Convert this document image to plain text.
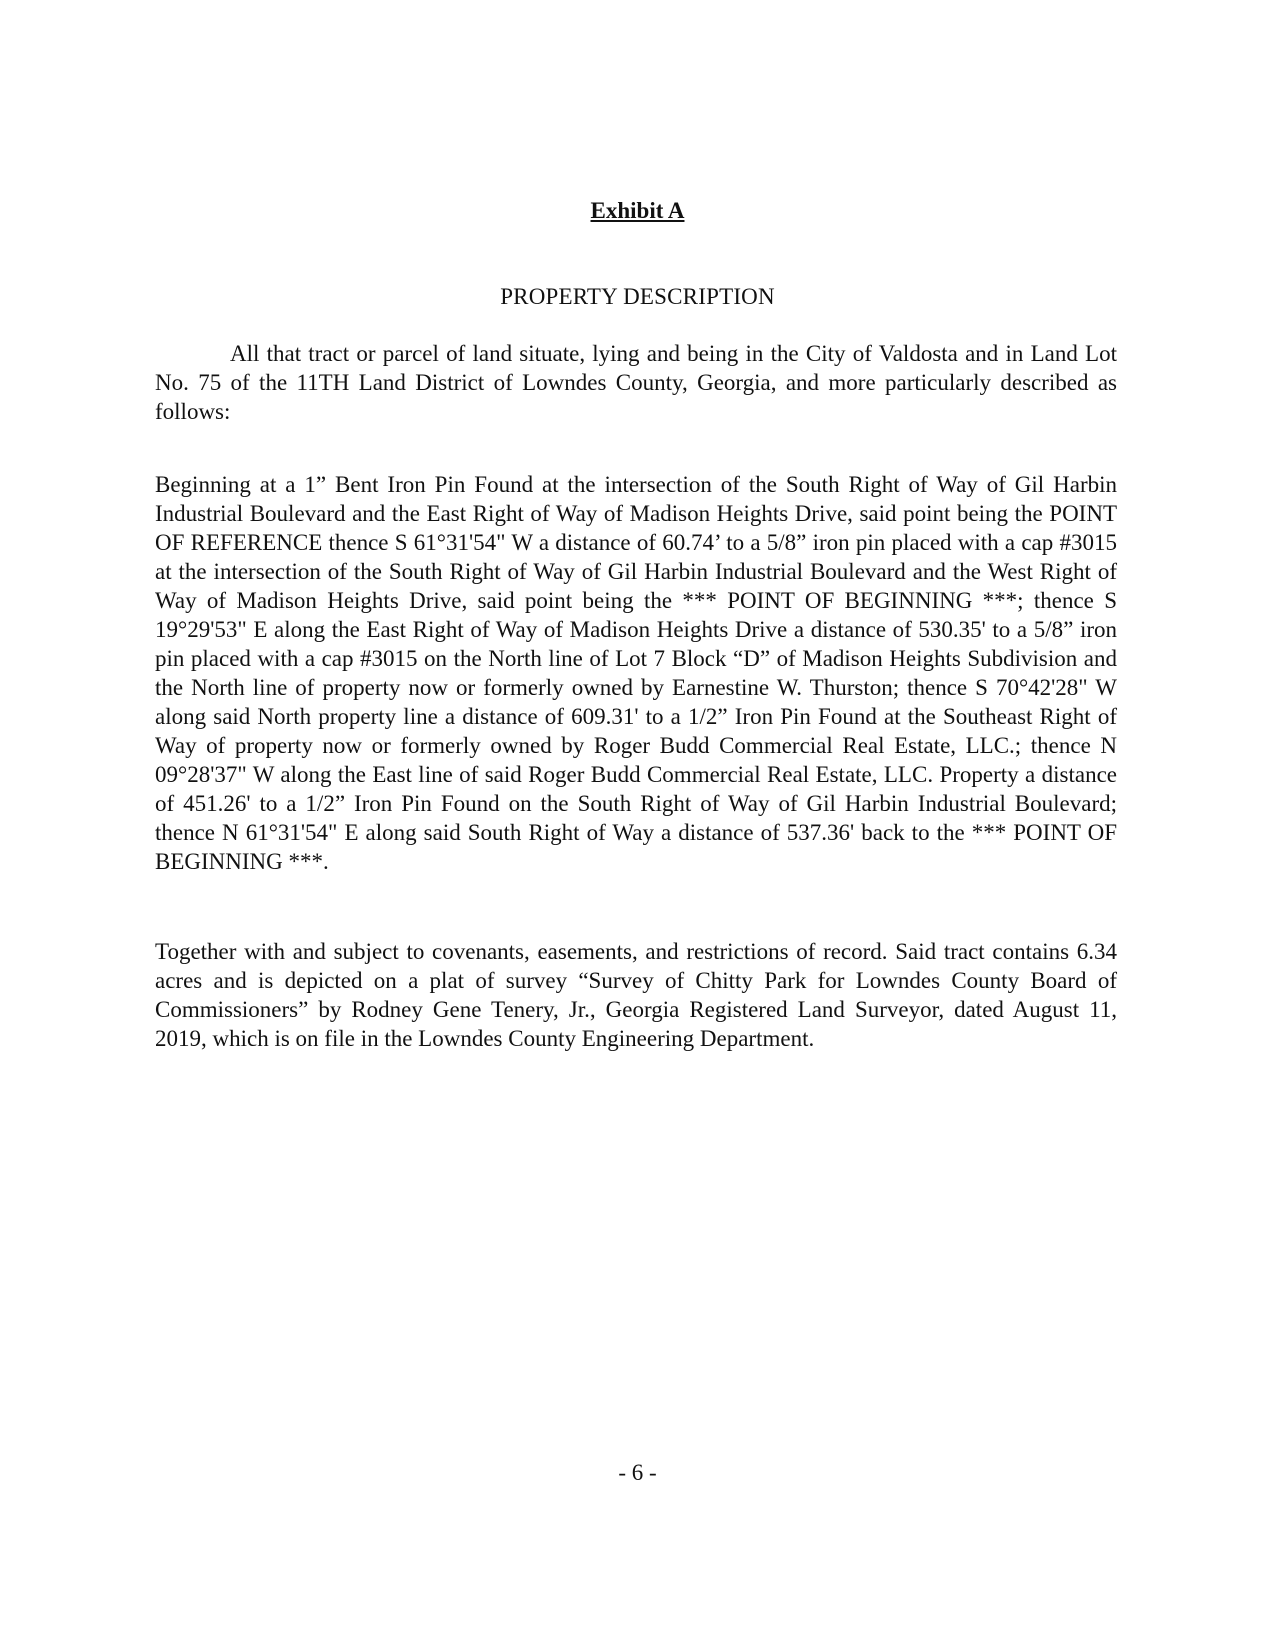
Exhibit A
PROPERTY DESCRIPTION

All that tract or parcel of land situate, lying and being in the City of Valdosta and in Land Lot No. 75 of the 11TH Land District of Lowndes County, Georgia, and more particularly described as follows:

Beginning at a 1” Bent Iron Pin Found at the intersection of the South Right of Way of Gil Harbin Industrial Boulevard and the East Right of Way of Madison Heights Drive, said point being the POINT OF REFERENCE thence S 61°31'54" W a distance of 60.74’ to a 5/8” iron pin placed with a cap #3015 at the intersection of the South Right of Way of Gil Harbin Industrial Boulevard and the West Right of Way of Madison Heights Drive, said point being the *** POINT OF BEGINNING ***; thence S 19°29'53" E along the East Right of Way of Madison Heights Drive a distance of 530.35' to a 5/8” iron pin placed with a cap #3015 on the North line of Lot 7 Block “D” of Madison Heights Subdivision and the North line of property now or formerly owned by Earnestine W. Thurston; thence S 70°42'28" W along said North property line a distance of 609.31' to a 1/2” Iron Pin Found at the Southeast Right of Way of property now or formerly owned by Roger Budd Commercial Real Estate, LLC.; thence N 09°28'37" W along the East line of said Roger Budd Commercial Real Estate, LLC. Property a distance of 451.26' to a 1/2” Iron Pin Found on the South Right of Way of Gil Harbin Industrial Boulevard; thence N 61°31'54" E along said South Right of Way a distance of 537.36' back to the *** POINT OF BEGINNING ***.

Together with and subject to covenants, easements, and restrictions of record. Said tract contains 6.34 acres and is depicted on a plat of survey “Survey of Chitty Park for Lowndes County Board of Commissioners” by Rodney Gene Tenery, Jr., Georgia Registered Land Surveyor, dated August 11, 2019, which is on file in the Lowndes County Engineering Department.

- 6 -
